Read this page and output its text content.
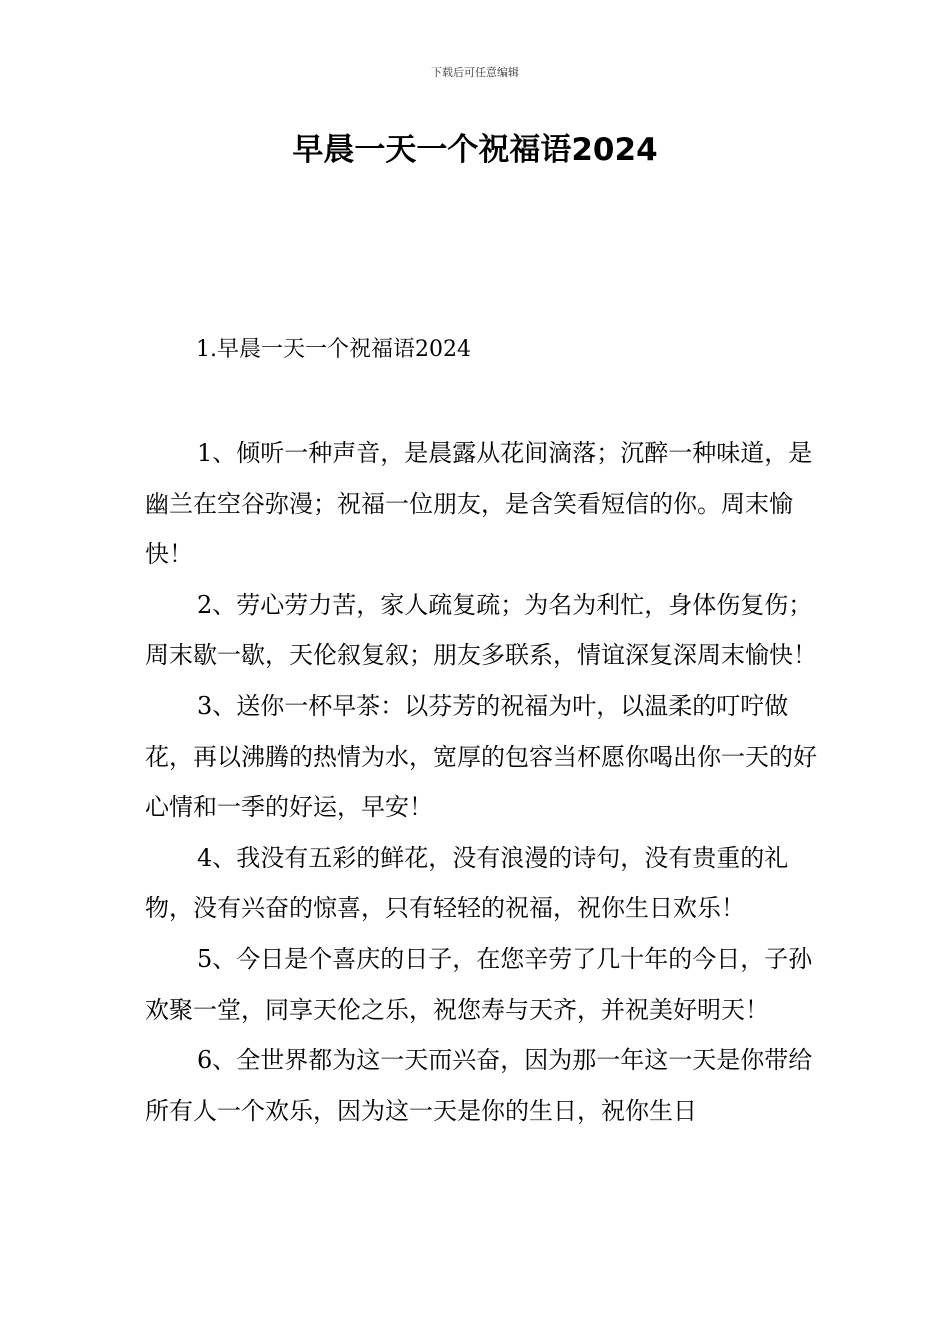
下载后可任意编辑
早晨一天一个祝福语2024
1.早晨一天一个祝福语2024

1、倾听一种声音，是晨露从花间滴落；沉醉一种味道，是幽兰在空谷弥漫；祝福一位朋友，是含笑看短信的你。周末愉快！

2、劳心劳力苦，家人疏复疏；为名为利忙，身体伤复伤；周末歇一歇，天伦叙复叙；朋友多联系，情谊深复深周末愉快！

3、送你一杯早茶：以芬芳的祝福为叶，以温柔的叮咛做花，再以沸腾的热情为水，宽厚的包容当杯愿你喝出你一天的好心情和一季的好运，早安！

4、我没有五彩的鲜花，没有浪漫的诗句，没有贵重的礼物，没有兴奋的惊喜，只有轻轻的祝福，祝你生日欢乐！

5、今日是个喜庆的日子，在您辛劳了几十年的今日，子孙欢聚一堂，同享天伦之乐，祝您寿与天齐，并祝美好明天！

6、全世界都为这一天而兴奋，因为那一年这一天是你带给所有人一个欢乐，因为这一天是你的生日，祝你生日
